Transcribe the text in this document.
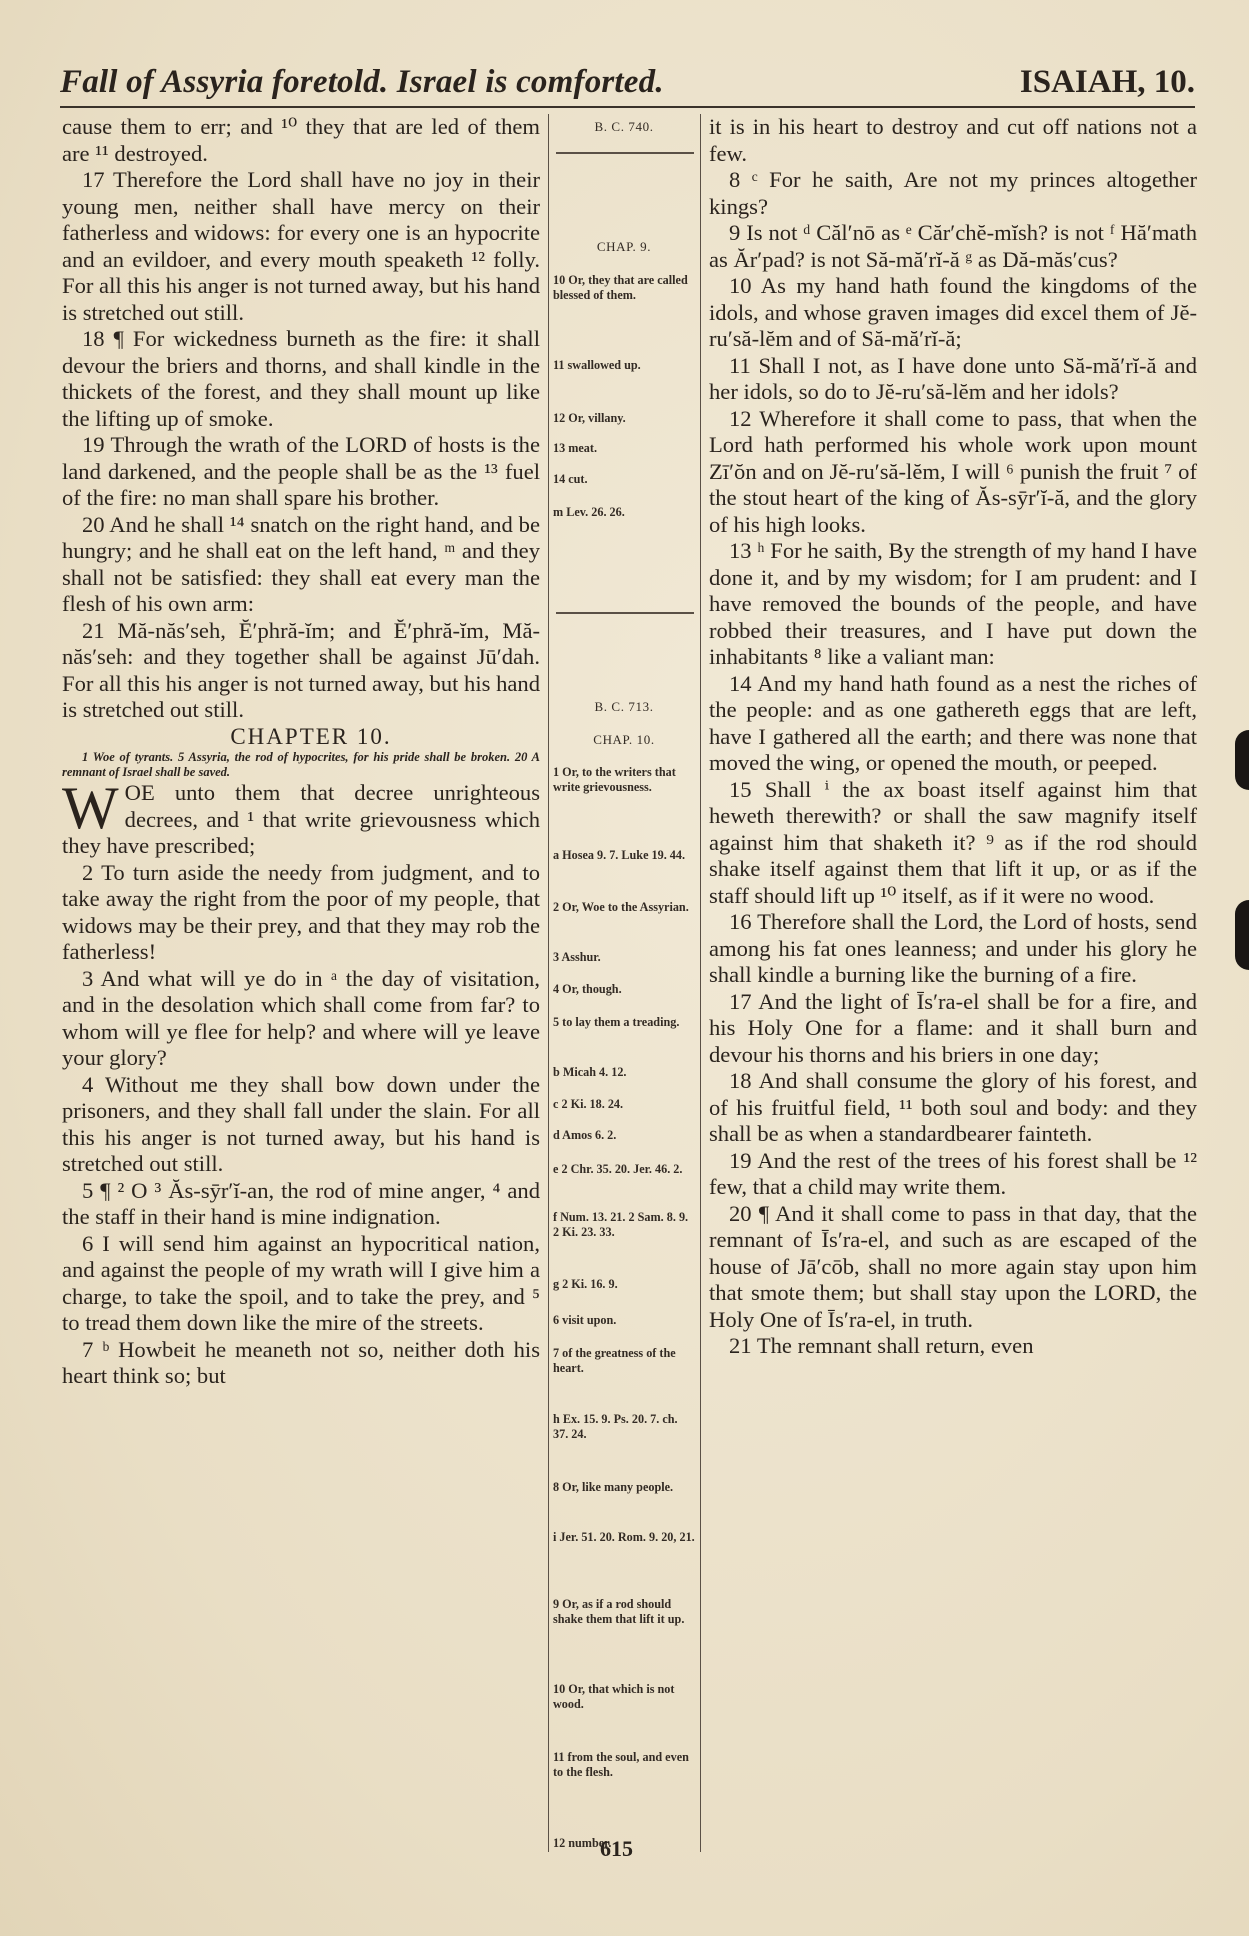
Fall of Assyria foretold. Israel is comforted.	ISAIAH, 10.

cause them to err; and ¹⁰ they that are led of them are ¹¹ destroyed.

17 Therefore the Lord shall have no joy in their young men, neither shall have mercy on their fatherless and widows: for every one is an hypocrite and an evildoer, and every mouth speaketh ¹² folly. For all this his anger is not turned away, but his hand is stretched out still.

18 ¶ For wickedness burneth as the fire: it shall devour the briers and thorns, and shall kindle in the thickets of the forest, and they shall mount up like the lifting up of smoke.

19 Through the wrath of the LORD of hosts is the land darkened, and the people shall be as the ¹³ fuel of the fire: no man shall spare his brother.

20 And he shall ¹⁴ snatch on the right hand, and be hungry; and he shall eat on the left hand, ᵐ and they shall not be satisfied: they shall eat every man the flesh of his own arm:

21 Mă-năs′seh, Ĕ′phră-ĭm; and Ĕ′phră-ĭm, Mă-năs′seh: and they together shall be against Jū′dah. For all this his anger is not turned away, but his hand is stretched out still.

CHAPTER 10.

1 Woe of tyrants. 5 Assyria, the rod of hypocrites, for his pride shall be broken. 20 A remnant of Israel shall be saved.

WOE unto them that decree unrighteous decrees, and ¹ that write grievousness which they have prescribed;

2 To turn aside the needy from judgment, and to take away the right from the poor of my people, that widows may be their prey, and that they may rob the fatherless!

3 And what will ye do in ᵃ the day of visitation, and in the desolation which shall come from far? to whom will ye flee for help? and where will ye leave your glory?

4 Without me they shall bow down under the prisoners, and they shall fall under the slain. For all this his anger is not turned away, but his hand is stretched out still.

5 ¶ ² O ³ Ăs-sȳr′ĭ-an, the rod of mine anger, ⁴ and the staff in their hand is mine indignation.

6 I will send him against an hypocritical nation, and against the people of my wrath will I give him a charge, to take the spoil, and to take the prey, and ⁵ to tread them down like the mire of the streets.

7 ᵇ Howbeit he meaneth not so, neither doth his heart think so; but

B. C. 740.
CHAP. 9.
10 Or, they that are called blessed of them.
11 swallowed up.
12 Or, villany.
13 meat.
14 cut.
m Lev. 26. 26.
B. C. 713.
CHAP. 10.
1 Or, to the writers that write grievousness.
a Hosea 9. 7. Luke 19. 44.
2 Or, Woe to the Assyrian.
3 Asshur.
4 Or, though.
5 to lay them a treading.
b Micah 4. 12.
c 2 Ki. 18. 24.
d Amos 6. 2.
e 2 Chr. 35. 20. Jer. 46. 2.
f Num. 13. 21. 2 Sam. 8. 9. 2 Ki. 23. 33.
g 2 Ki. 16. 9.
6 visit upon.
7 of the greatness of the heart.
h Ex. 15. 9. Ps. 20. 7. ch. 37. 24.
8 Or, like many people.
i Jer. 51. 20. Rom. 9. 20, 21.
9 Or, as if a rod should shake them that lift it up.
10 Or, that which is not wood.
11 from the soul, and even to the flesh.
12 number.

it is in his heart to destroy and cut off nations not a few.

8 ᶜ For he saith, Are not my princes altogether kings?

9 Is not ᵈ Căl′nō as ᵉ Căr′chĕ-mĭsh? is not ᶠ Hă′math as Ăr′pad? is not Să-mă′rĭ-ă ᵍ as Dă-măs′cus?

10 As my hand hath found the kingdoms of the idols, and whose graven images did excel them of Jĕ-ru′să-lĕm and of Să-mă′rĭ-ă;

11 Shall I not, as I have done unto Să-mă′rĭ-ă and her idols, so do to Jĕ-ru′să-lĕm and her idols?

12 Wherefore it shall come to pass, that when the Lord hath performed his whole work upon mount Zī′ŏn and on Jĕ-ru′să-lĕm, I will ⁶ punish the fruit ⁷ of the stout heart of the king of Ăs-sȳr′ĭ-ă, and the glory of his high looks.

13 ʰ For he saith, By the strength of my hand I have done it, and by my wisdom; for I am prudent: and I have removed the bounds of the people, and have robbed their treasures, and I have put down the inhabitants ⁸ like a valiant man:

14 And my hand hath found as a nest the riches of the people: and as one gathereth eggs that are left, have I gathered all the earth; and there was none that moved the wing, or opened the mouth, or peeped.

15 Shall ⁱ the ax boast itself against him that heweth therewith? or shall the saw magnify itself against him that shaketh it? ⁹ as if the rod should shake itself against them that lift it up, or as if the staff should lift up ¹⁰ itself, as if it were no wood.

16 Therefore shall the Lord, the Lord of hosts, send among his fat ones leanness; and under his glory he shall kindle a burning like the burning of a fire.

17 And the light of Īs′ra-el shall be for a fire, and his Holy One for a flame: and it shall burn and devour his thorns and his briers in one day;

18 And shall consume the glory of his forest, and of his fruitful field, ¹¹ both soul and body: and they shall be as when a standardbearer fainteth.

19 And the rest of the trees of his forest shall be ¹² few, that a child may write them.

20 ¶ And it shall come to pass in that day, that the remnant of Īs′ra-el, and such as are escaped of the house of Jā′cōb, shall no more again stay upon him that smote them; but shall stay upon the LORD, the Holy One of Īs′ra-el, in truth.

21 The remnant shall return, even

615
